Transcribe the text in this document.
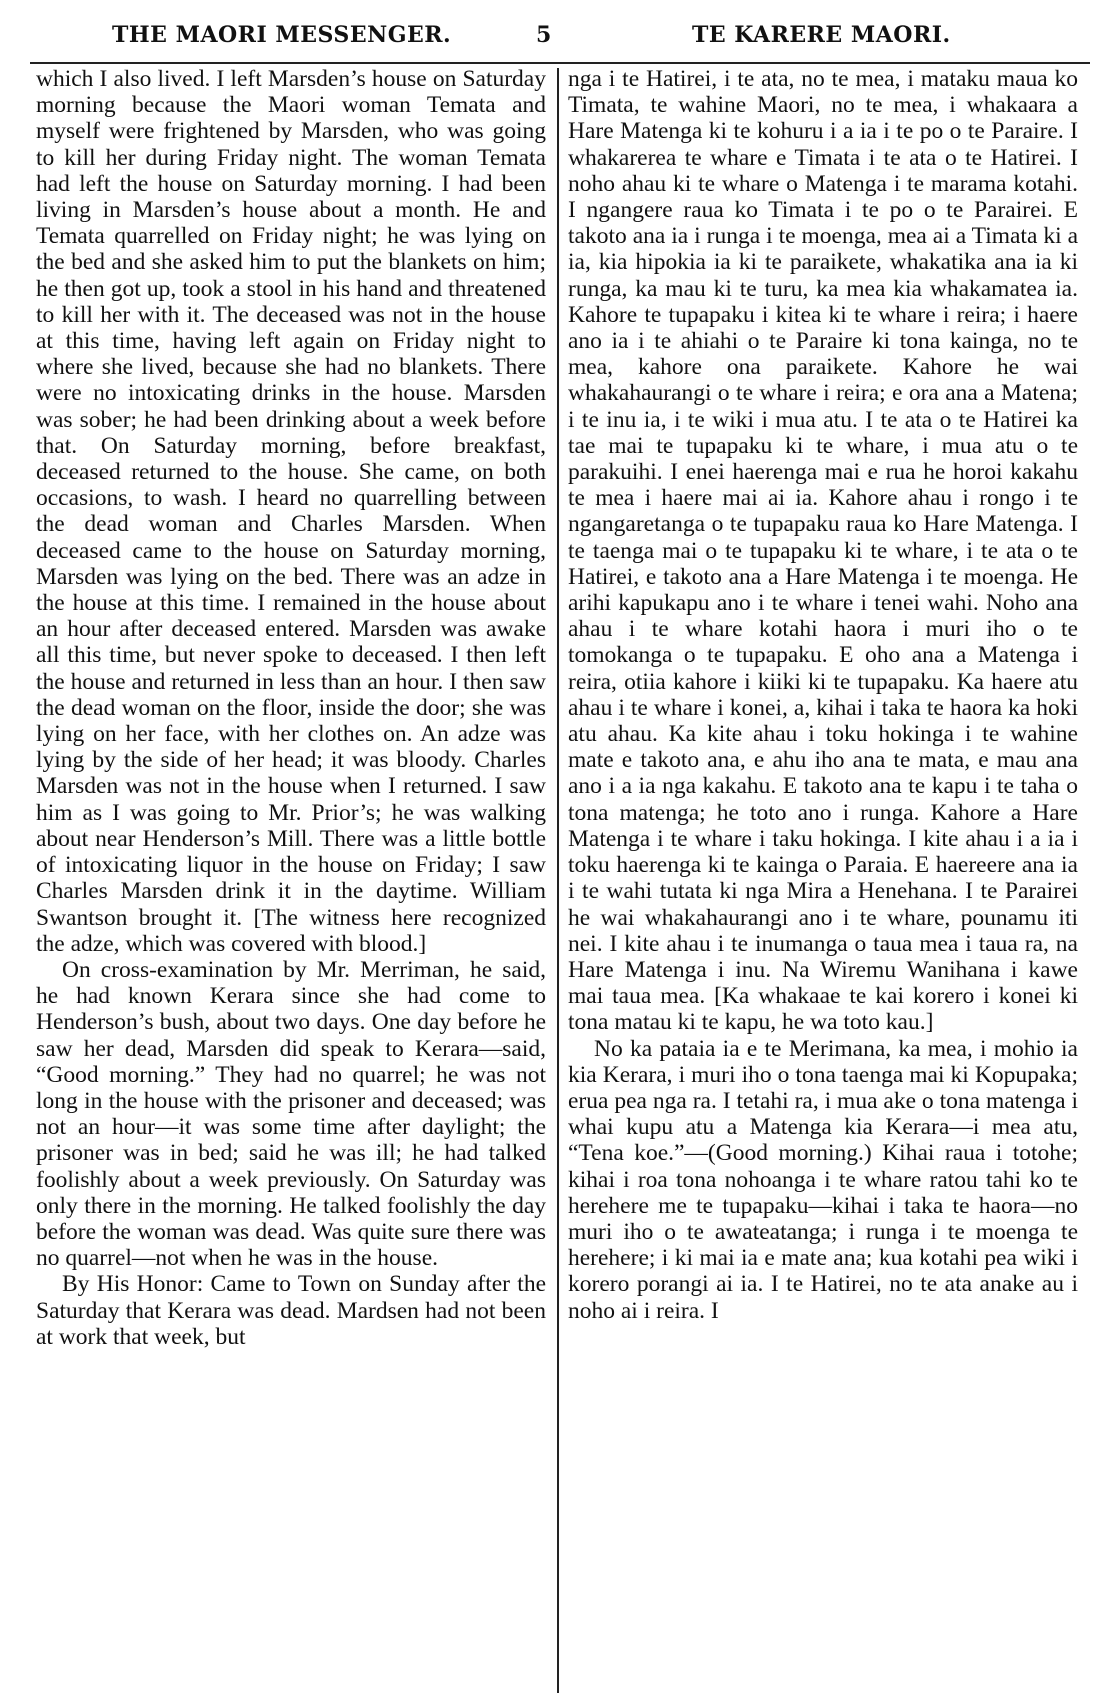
THE MAORI MESSENGER.	5	TE KARERE MAORI.

which I also lived. I left Marsden’s house on Saturday morning because the Maori woman Temata and myself were frightened by Marsden, who was going to kill her during Friday night. The woman Temata had left the house on Saturday morning. I had been living in Marsden’s house about a month. He and Temata quarrelled on Friday night; he was lying on the bed and she asked him to put the blankets on him; he then got up, took a stool in his hand and threatened to kill her with it. The deceased was not in the house at this time, having left again on Friday night to where she lived, because she had no blankets. There were no intoxicating drinks in the house. Marsden was sober; he had been drinking about a week before that. On Saturday morning, before breakfast, deceased returned to the house. She came, on both occasions, to wash. I heard no quarrelling between the dead woman and Charles Marsden. When deceased came to the house on Saturday morning, Marsden was lying on the bed. There was an adze in the house at this time. I remained in the house about an hour after deceased entered. Marsden was awake all this time, but never spoke to deceased. I then left the house and returned in less than an hour. I then saw the dead woman on the floor, inside the door; she was lying on her face, with her clothes on. An adze was lying by the side of her head; it was bloody. Charles Marsden was not in the house when I returned. I saw him as I was going to Mr. Prior’s; he was walking about near Henderson’s Mill. There was a little bottle of intoxicating liquor in the house on Friday; I saw Charles Marsden drink it in the daytime. William Swantson brought it. [The witness here recognized the adze, which was covered with blood.]

On cross-examination by Mr. Merriman, he said, he had known Kerara since she had come to Henderson’s bush, about two days. One day before he saw her dead, Marsden did speak to Kerara—said, “Good morning.” They had no quarrel; he was not long in the house with the prisoner and deceased; was not an hour—it was some time after daylight; the prisoner was in bed; said he was ill; he had talked foolishly about a week previously. On Saturday was only there in the morning. He talked foolishly the day before the woman was dead. Was quite sure there was no quarrel—not when he was in the house.

By His Honor: Came to Town on Sunday after the Saturday that Kerara was dead. Mardsen had not been at work that week, but

nga i te Hatirei, i te ata, no te mea, i mataku maua ko Timata, te wahine Maori, no te mea, i whakaara a Hare Matenga ki te kohuru i a ia i te po o te Paraire. I whakarerea te whare e Timata i te ata o te Hatirei. I noho ahau ki te whare o Matenga i te marama kotahi. I ngangere raua ko Timata i te po o te Parairei. E takoto ana ia i runga i te moenga, mea ai a Timata ki a ia, kia hipokia ia ki te paraikete, whakatika ana ia ki runga, ka mau ki te turu, ka mea kia whakamatea ia. Kahore te tupapaku i kitea ki te whare i reira; i haere ano ia i te ahiahi o te Paraire ki tona kainga, no te mea, kahore ona paraikete. Kahore he wai whakahaurangi o te whare i reira; e ora ana a Matena; i te inu ia, i te wiki i mua atu. I te ata o te Hatirei ka tae mai te tupapaku ki te whare, i mua atu o te parakuihi. I enei haerenga mai e rua he horoi kakahu te mea i haere mai ai ia. Kahore ahau i rongo i te ngangaretanga o te tupapaku raua ko Hare Matenga. I te taenga mai o te tupapaku ki te whare, i te ata o te Hatirei, e takoto ana a Hare Matenga i te moenga. He arihi kapukapu ano i te whare i tenei wahi. Noho ana ahau i te whare kotahi haora i muri iho o te tomokanga o te tupapaku. E oho ana a Matenga i reira, otiia kahore i kiiki ki te tupapaku. Ka haere atu ahau i te whare i konei, a, kihai i taka te haora ka hoki atu ahau. Ka kite ahau i toku hokinga i te wahine mate e takoto ana, e ahu iho ana te mata, e mau ana ano i a ia nga kakahu. E takoto ana te kapu i te taha o tona matenga; he toto ano i runga. Kahore a Hare Matenga i te whare i taku hokinga. I kite ahau i a ia i toku haerenga ki te kainga o Paraia. E haereere ana ia i te wahi tutata ki nga Mira a Henehana. I te Parairei he wai whakahaurangi ano i te whare, pounamu iti nei. I kite ahau i te inumanga o taua mea i taua ra, na Hare Matenga i inu. Na Wiremu Wanihana i kawe mai taua mea. [Ka whakaae te kai korero i konei ki tona matau ki te kapu, he wa toto kau.]

No ka pataia ia e te Merimana, ka mea, i mohio ia kia Kerara, i muri iho o tona taenga mai ki Kopupaka; erua pea nga ra. I tetahi ra, i mua ake o tona matenga i whai kupu atu a Matenga kia Kerara—i mea atu, “Tena koe.”—(Good morning.) Kihai raua i totohe; kihai i roa tona nohoanga i te whare ratou tahi ko te herehere me te tupapaku—kihai i taka te haora—no muri iho o te awateatanga; i runga i te moenga te herehere; i ki mai ia e mate ana; kua kotahi pea wiki i korero porangi ai ia. I te Hatirei, no te ata anake au i noho ai i reira. I
